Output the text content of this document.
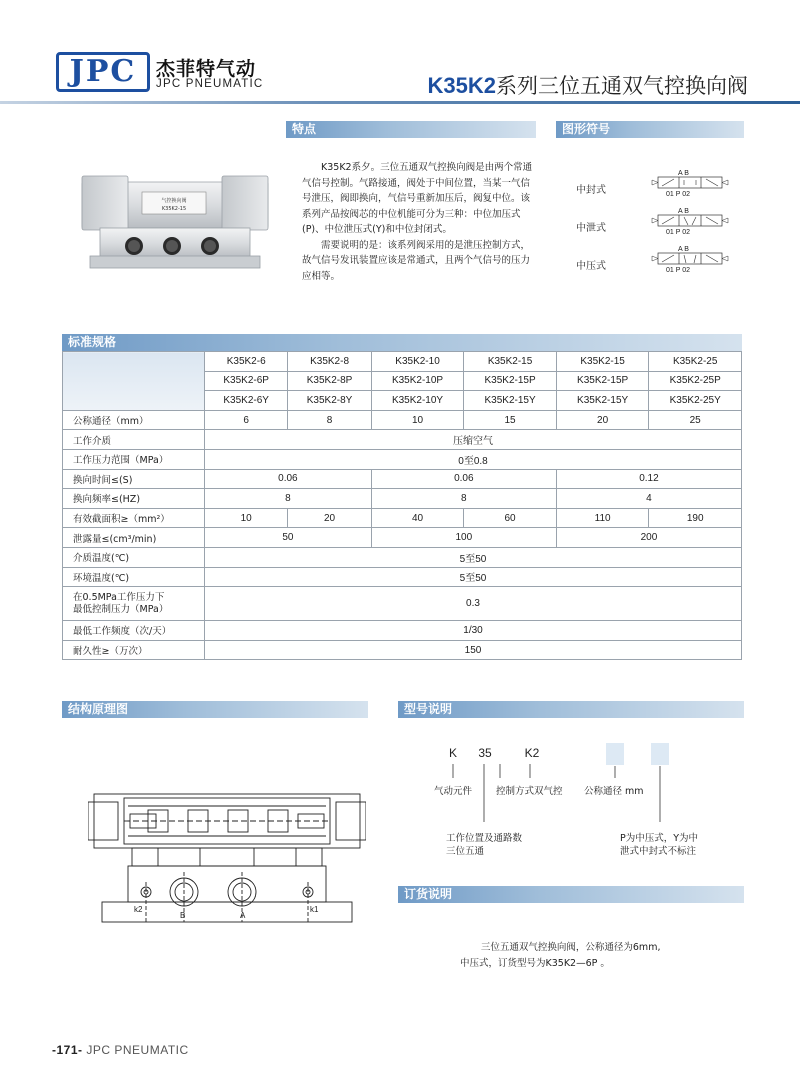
JPC	杰菲特气动
JPC PNEUMATIC	K35K2系列三位五通双气控换向阀
特点	图形符号
气控换向阀
K35K2-15

K35K2系夕。三位五通双气控换向阀是由两个常通气信号控制。气路接通，阀处于中间位置，当某一气信号泄压，阀即换向，气信号重新加压后，阀复中位。该系列产品按阀芯的中位机能可分为三种：中位加压式(P)、中位泄压式(Y)和中位封闭式。

需要说明的是：该系列阀采用的是泄压控制方式，故气信号发讯装置应该是常通式，且两个气信号的压力应相等。

中封式
中泄式
中压式
A B
01 P 02
A B
01 P 02
A B
01 P 02
标准规格
	K35K2-6	K35K2-8	K35K2-10	K35K2-15	K35K2-15	K35K2-25
	K35K2-6P	K35K2-8P	K35K2-10P	K35K2-15P	K35K2-15P	K35K2-25P
	K35K2-6Y	K35K2-8Y	K35K2-10Y	K35K2-15Y	K35K2-15Y	K35K2-25Y
公称通径（mm）	6	8	10	15	20	25
工作介质	压缩空气					
工作压力范围（MPa）	0至0.8					
换向时间≤(S)	0.06		0.06		0.12	
换向频率≤(HZ)	8		8		4	
有效截面积≥（mm²）	10	20	40	60	110	190
泄露量≤(cm³/min)	50		100		200	
介质温度(℃)	5至50					
环境温度(℃)	5至50					

在0.5MPa工作压力下
最低控制压力（MPa）	0.3					
最低工作频度（次/天）	1/30					
耐久性≥（万次）	150					
结构原理图
k2
B	A
k1
型号说明
K	35	K2
气动元件	控制方式双气控 公称通径 mm
工作位置及通路数
三位五通
P为中压式，Y为中
泄式中封式不标注
订货说明

三位五通双气控换向阀，公称通径为6mm,

中压式，订货型号为K35K2—6P 。

-171- JPC PNEUMATIC
